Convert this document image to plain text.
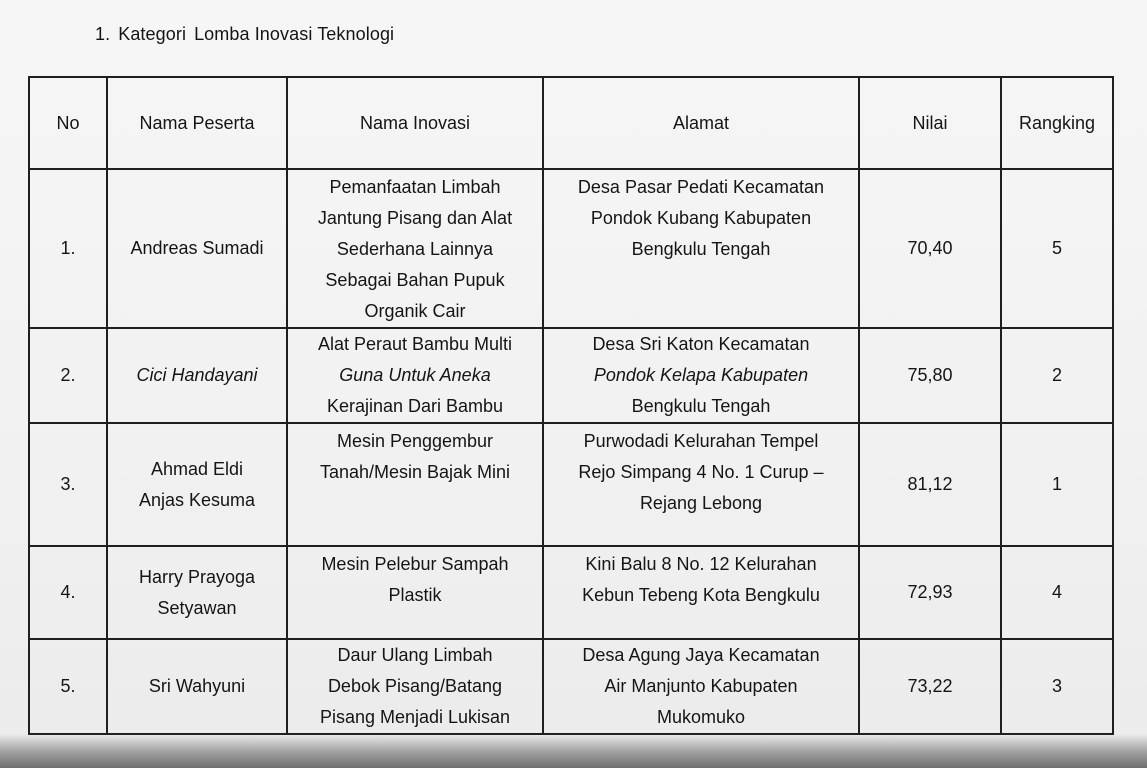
1. Kategori Lomba Inovasi Teknologi
No	Nama Peserta	Nama Inovasi	Alamat	Nilai	Rangking
1.	Andreas Sumadi	Pemanfaatan Limbah
Jantung Pisang dan Alat
Sederhana Lainnya
Sebagai Bahan Pupuk
Organik Cair	Desa Pasar Pedati Kecamatan
Pondok Kubang Kabupaten
Bengkulu Tengah	70,40	5
2.	Cici Handayani	Alat Peraut Bambu Multi
Guna Untuk Aneka
Kerajinan Dari Bambu	Desa Sri Katon Kecamatan
Pondok Kelapa Kabupaten
Bengkulu Tengah	75,80	2
3.	Ahmad Eldi
Anjas Kesuma	Mesin Penggembur
Tanah/Mesin Bajak Mini	Purwodadi Kelurahan Tempel
Rejo Simpang 4 No. 1 Curup –
Rejang Lebong	81,12	1
4.	Harry Prayoga
Setyawan	Mesin Pelebur Sampah
Plastik	Kini Balu 8 No. 12 Kelurahan
Kebun Tebeng Kota Bengkulu	72,93	4
5.	Sri Wahyuni	Daur Ulang Limbah
Debok Pisang/Batang
Pisang Menjadi Lukisan	Desa Agung Jaya Kecamatan
Air Manjunto Kabupaten
Mukomuko	73,22	3
